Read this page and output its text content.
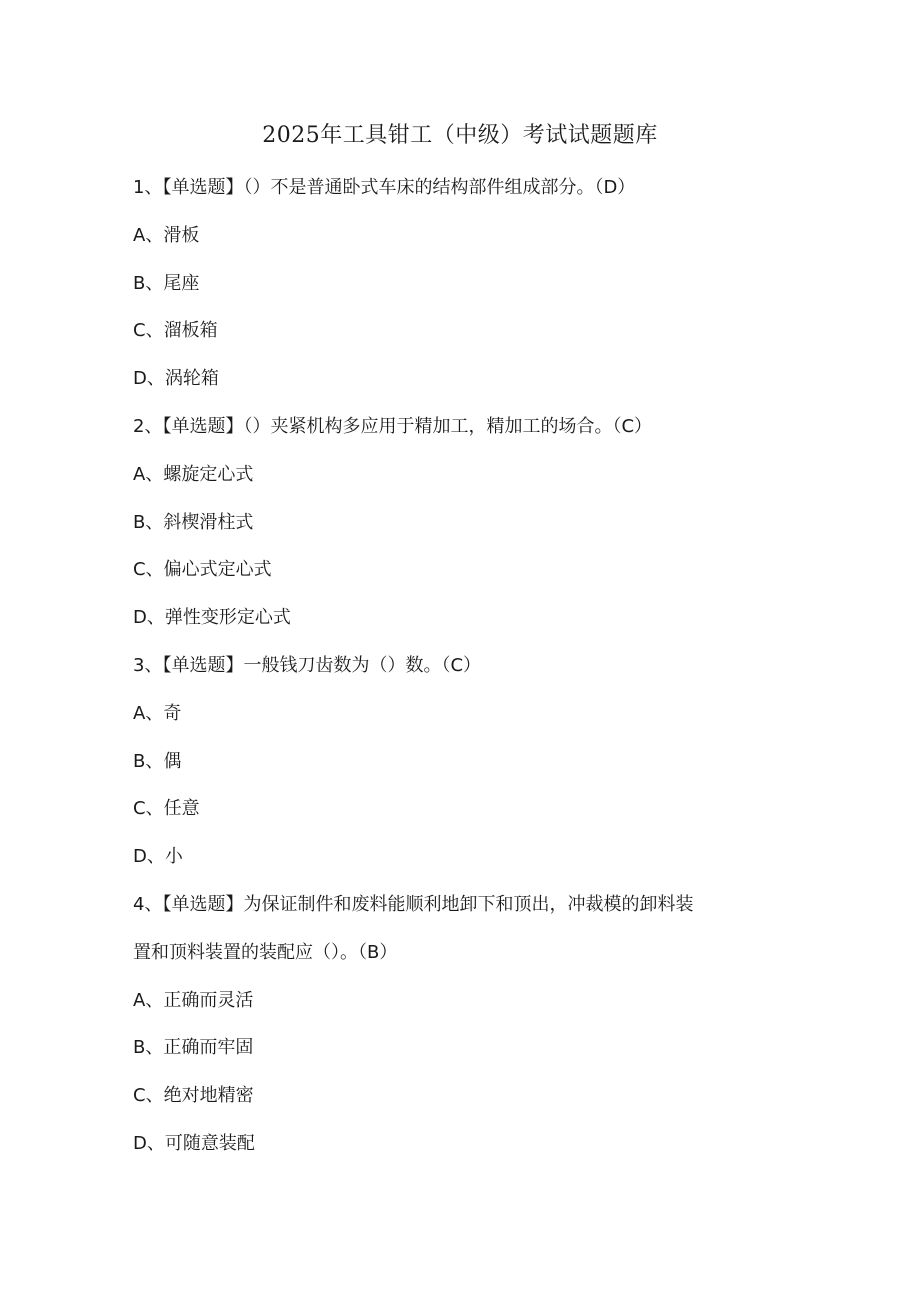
2025年工具钳工（中级）考试试题题库

1、【单选题】（）不是普通卧式车床的结构部件组成部分。（D）

A、滑板

B、尾座

C、溜板箱

D、涡轮箱

2、【单选题】（）夹紧机构多应用于精加工，精加工的场合。（C）

A、螺旋定心式

B、斜楔滑柱式

C、偏心式定心式

D、弹性变形定心式

3、【单选题】一般钱刀齿数为（）数。（C）

A、奇

B、偶

C、任意

D、小

4、【单选题】为保证制件和废料能顺利地卸下和顶出，冲裁模的卸料装
置和顶料装置的装配应（）。（B）

A、正确而灵活

B、正确而牢固

C、绝对地精密

D、可随意装配
